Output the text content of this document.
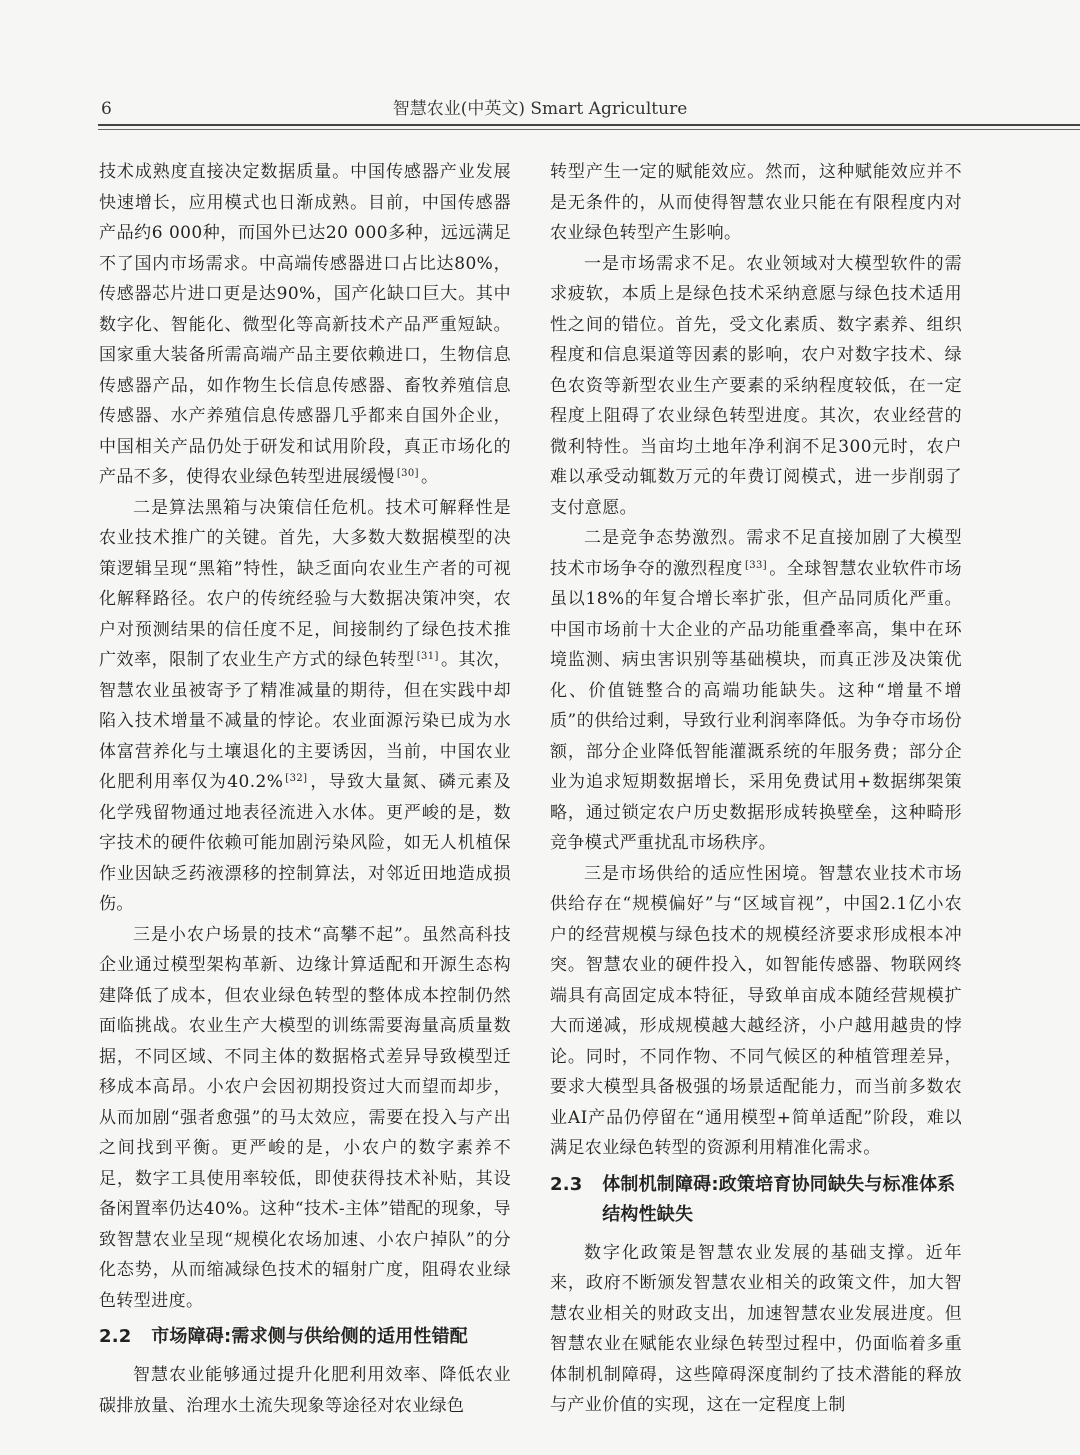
6	智慧农业(中英文) Smart Agriculture

技术成熟度直接决定数据质量。中国传感器产业发展快速增长，应用模式也日渐成熟。目前，中国传感器产品约6 000种，而国外已达20 000多种，远远满足不了国内市场需求。中高端传感器进口占比达80%，传感器芯片进口更是达90%，国产化缺口巨大。其中数字化、智能化、微型化等高新技术产品严重短缺。国家重大装备所需高端产品主要依赖进口，生物信息传感器产品，如作物生长信息传感器、畜牧养殖信息传感器、水产养殖信息传感器几乎都来自国外企业，中国相关产品仍处于研发和试用阶段，真正市场化的产品不多，使得农业绿色转型进展缓慢 [30] 。

二是算法黑箱与决策信任危机。技术可解释性是农业技术推广的关键。首先，大多数大数据模型的决策逻辑呈现“黑箱”特性，缺乏面向农业生产者的可视化解释路径。农户的传统经验与大数据决策冲突，农户对预测结果的信任度不足，间接制约了绿色技术推广效率，限制了农业生产方式的绿色转型 [31] 。其次，智慧农业虽被寄予了精准减量的期待，但在实践中却陷入技术增量不减量的悖论。农业面源污染已成为水体富营养化与土壤退化的主要诱因，当前，中国农业化肥利用率仅为40.2% [32] ，导致大量氮、磷元素及化学残留物通过地表径流进入水体。更严峻的是，数字技术的硬件依赖可能加剧污染风险，如无人机植保作业因缺乏药液漂移的控制算法，对邻近田地造成损伤。

三是小农户场景的技术“高攀不起”。虽然高科技企业通过模型架构革新、边缘计算适配和开源生态构建降低了成本，但农业绿色转型的整体成本控制仍然面临挑战。农业生产大模型的训练需要海量高质量数据，不同区域、不同主体的数据格式差异导致模型迁移成本高昂。小农户会因初期投资过大而望而却步，从而加剧“强者愈强”的马太效应，需要在投入与产出之间找到平衡。更严峻的是，小农户的数字素养不足，数字工具使用率较低，即使获得技术补贴，其设备闲置率仍达40%。这种“技术-主体”错配的现象，导致智慧农业呈现“规模化农场加速、小农户掉队”的分化态势，从而缩减绿色技术的辐射广度，阻碍农业绿色转型进度。

2.2 市场障碍:需求侧与供给侧的适用性错配

智慧农业能够通过提升化肥利用效率、降低农业碳排放量、治理水土流失现象等途径对农业绿色

转型产生一定的赋能效应。然而，这种赋能效应并不是无条件的，从而使得智慧农业只能在有限程度内对农业绿色转型产生影响。

一是市场需求不足。农业领域对大模型软件的需求疲软，本质上是绿色技术采纳意愿与绿色技术适用性之间的错位。首先，受文化素质、数字素养、组织程度和信息渠道等因素的影响，农户对数字技术、绿色农资等新型农业生产要素的采纳程度较低，在一定程度上阻碍了农业绿色转型进度。其次，农业经营的微利特性。当亩均土地年净利润不足300元时，农户难以承受动辄数万元的年费订阅模式，进一步削弱了支付意愿。

二是竞争态势激烈。需求不足直接加剧了大模型技术市场争夺的激烈程度 [33] 。全球智慧农业软件市场虽以18%的年复合增长率扩张，但产品同质化严重。中国市场前十大企业的产品功能重叠率高，集中在环境监测、病虫害识别等基础模块，而真正涉及决策优化、价值链整合的高端功能缺失。这种“增量不增质”的供给过剩，导致行业利润率降低。为争夺市场份额，部分企业降低智能灌溉系统的年服务费；部分企业为追求短期数据增长，采用免费试用+数据绑架策略，通过锁定农户历史数据形成转换壁垒，这种畸形竞争模式严重扰乱市场秩序。

三是市场供给的适应性困境。智慧农业技术市场供给存在“规模偏好”与“区域盲视”，中国2.1亿小农户的经营规模与绿色技术的规模经济要求形成根本冲突。智慧农业的硬件投入，如智能传感器、物联网终端具有高固定成本特征，导致单亩成本随经营规模扩大而递减，形成规模越大越经济，小户越用越贵的悖论。同时，不同作物、不同气候区的种植管理差异，要求大模型具备极强的场景适配能力，而当前多数农业AI产品仍停留在“通用模型+简单适配”阶段，难以满足农业绿色转型的资源利用精准化需求。

2.3 体制机制障碍:政策培育协同缺失与标准体系结构性缺失

数字化政策是智慧农业发展的基础支撑。近年来，政府不断颁发智慧农业相关的政策文件，加大智慧农业相关的财政支出，加速智慧农业发展进度。但智慧农业在赋能农业绿色转型过程中，仍面临着多重体制机制障碍，这些障碍深度制约了技术潜能的释放与产业价值的实现，这在一定程度上制
